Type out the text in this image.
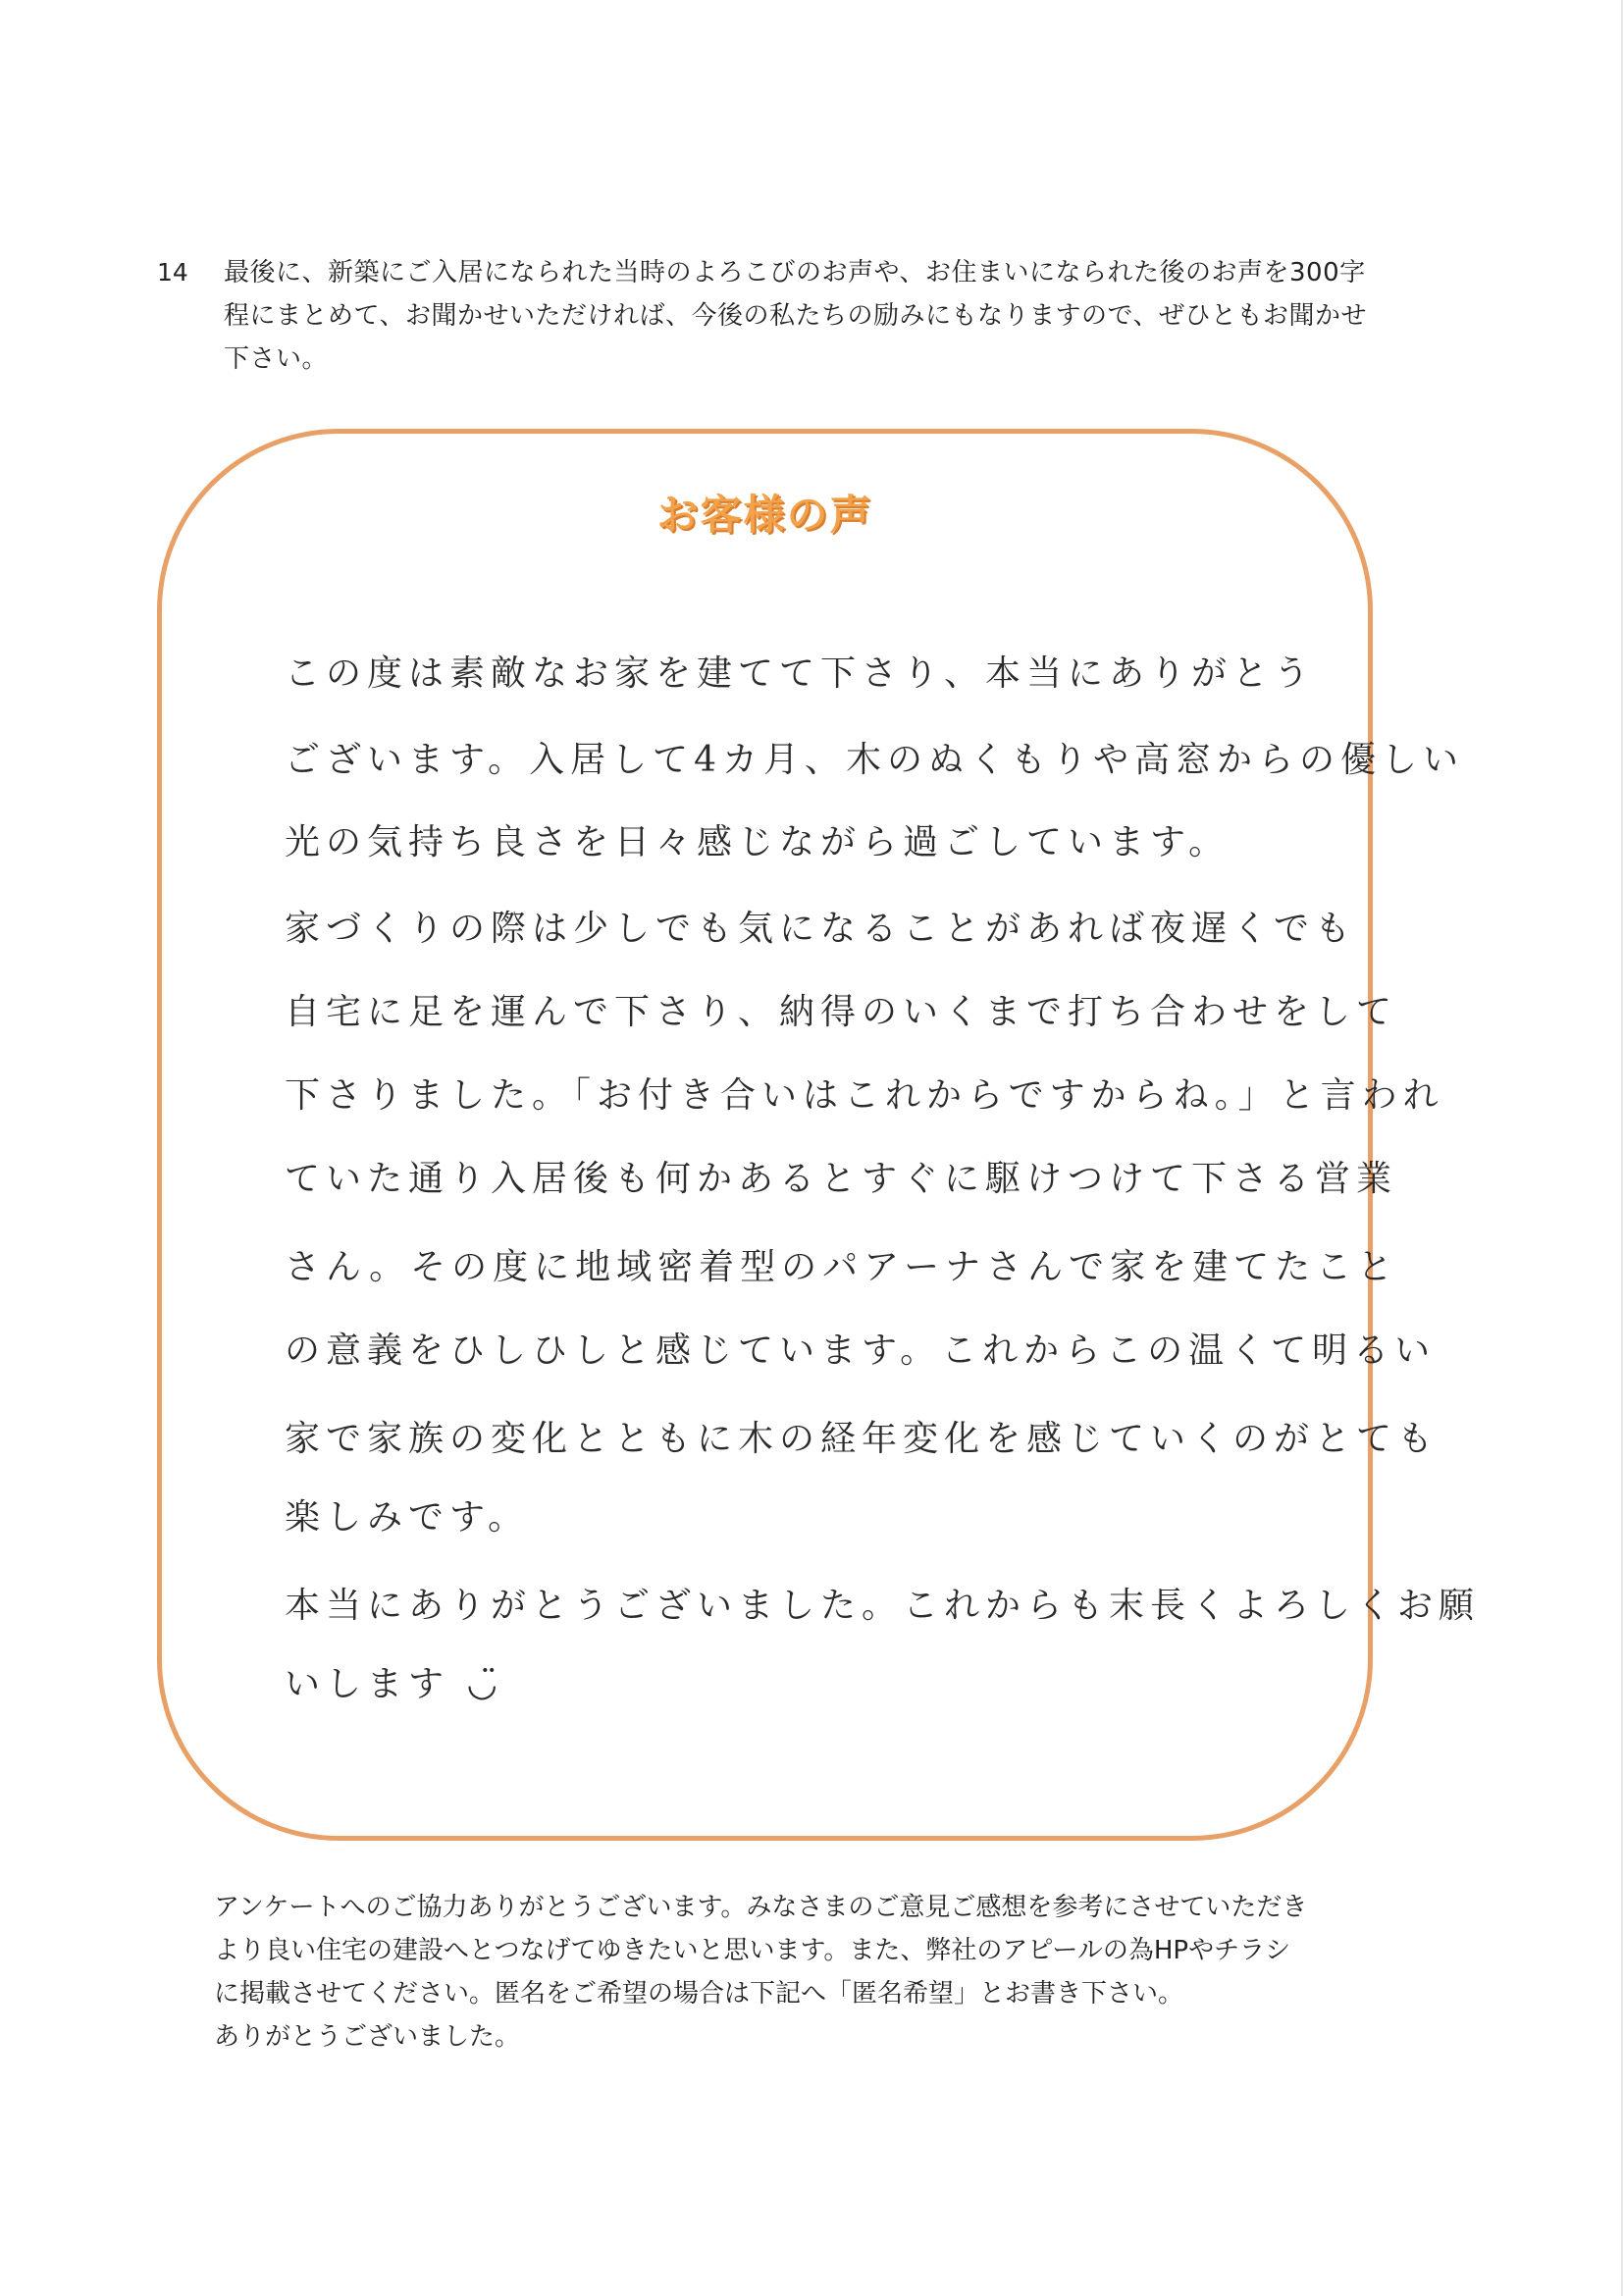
14 最後に、新築にご入居になられた当時のよろこびのお声や、お住まいになられた後のお声を300字程にまとめて、お聞かせいただければ、今後の私たちの励みにもなりますので、ぜひともお聞かせ下さい。

お客様の声
この度は素敵なお家を建てて下さり、本当にありがとう
ございます。入居して4カ月、木のぬくもりや高窓からの優しい
光の気持ち良さを日々感じながら過ごしています。
家づくりの際は少しでも気になることがあれば夜遅くでも
自宅に足を運んで下さり、納得のいくまで打ち合わせをして
下さりました。「お付き合いはこれからですからね。」と言われ
ていた通り入居後も何かあるとすぐに駆けつけて下さる営業
さん。その度に地域密着型のパアーナさんで家を建てたこと
の意義をひしひしと感じています。これからこの温くて明るい
家で家族の変化とともに木の経年変化を感じていくのがとても
楽しみです。
本当にありがとうございました。これからも末長くよろしくお願
いします ◡̈
アンケートへのご協力ありがとうございます。みなさまのご意見ご感想を参考にさせていただき
より良い住宅の建設へとつなげてゆきたいと思います。また、弊社のアピールの為HPやチラシ
に掲載させてください。匿名をご希望の場合は下記へ「匿名希望」とお書き下さい。
ありがとうございました。
